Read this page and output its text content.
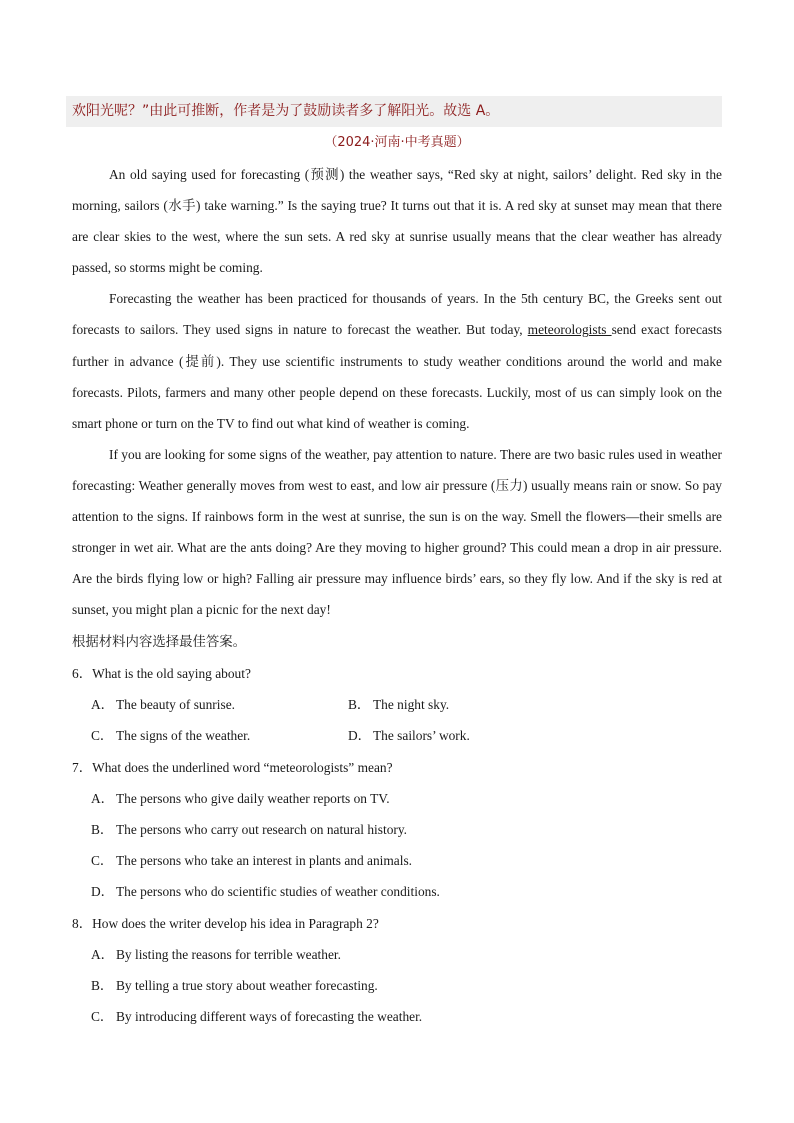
欢阳光呢？”由此可推断，作者是为了鼓励读者多了解阳光。故选 A。
（2024·河南·中考真题）

An old saying used for forecasting (预测) the weather says, “Red sky at night, sailors’ delight. Red sky in the morning, sailors (水手) take warning.” Is the saying true? It turns out that it is. A red sky at sunset may mean that there are clear skies to the west, where the sun sets. A red sky at sunrise usually means that the clear weather has already passed, so storms might be coming.

Forecasting the weather has been practiced for thousands of years. In the 5th century BC, the Greeks sent out forecasts to sailors. They used signs in nature to forecast the weather. But today, meteorologists send exact forecasts further in advance (提前). They use scientific instruments to study weather conditions around the world and make forecasts. Pilots, farmers and many other people depend on these forecasts. Luckily, most of us can simply look on the smart phone or turn on the TV to find out what kind of weather is coming.

If you are looking for some signs of the weather, pay attention to nature. There are two basic rules used in weather forecasting: Weather generally moves from west to east, and low air pressure (压力) usually means rain or snow. So pay attention to the signs. If rainbows form in the west at sunrise, the sun is on the way. Smell the flowers—their smells are stronger in wet air. What are the ants doing? Are they moving to higher ground? This could mean a drop in air pressure. Are the birds flying low or high? Falling air pressure may influence birds’ ears, so they fly low. And if the sky is red at sunset, you might plan a picnic for the next day!

根据材料内容选择最佳答案。
6．What is the old saying about?
A． The beauty of sunrise.	B． The night sky.
C． The signs of the weather.	D． The sailors’ work.
7．What does the underlined word “meteorologists” mean?
A． The persons who give daily weather reports on TV.
B． The persons who carry out research on natural history.
C． The persons who take an interest in plants and animals.
D． The persons who do scientific studies of weather conditions.
8．How does the writer develop his idea in Paragraph 2?
A． By listing the reasons for terrible weather.
B． By telling a true story about weather forecasting.
C． By introducing different ways of forecasting the weather.
